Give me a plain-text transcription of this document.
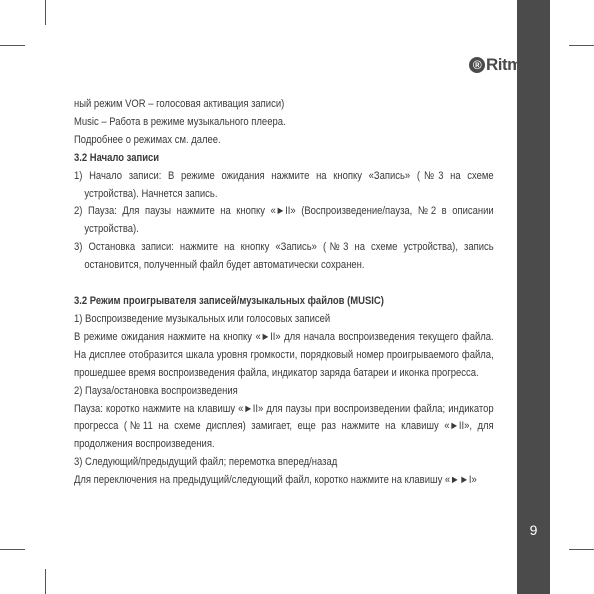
® Ritmix
9

ный режим VOR – голосовая активация записи)

Music – Работа в режиме музыкального плеера.

Подробнее о режимах см. далее.

3.2 Начало записи

1) Начало записи: В режиме ожидания нажмите на кнопку «Запись» (№3 на схеме устройства). Начнется запись.

2) Пауза: Для паузы нажмите на кнопку «►II» (Воспроизведение/пауза, №2 в описании устройства).

3) Остановка записи: нажмите на кнопку «Запись» (№3 на схеме устройства), запись остановится, полученный файл будет автоматически сохранен.

3.2 Режим проигрывателя записей/музыкальных файлов (MUSIC)

1) Воспроизведение музыкальных или голосовых записей

В режиме ожидания нажмите на кнопку «►II» для начала воспроизведения текущего файла. На дисплее отобразится шкала уровня громкости, порядковый номер проигрываемого файла, прошедшее время воспроизведения файла, индикатор заряда батареи и иконка прогресса.

2) Пауза/остановка воспроизведения

Пауза: коротко нажмите на клавишу «►II» для паузы при воспроизведении файла; индикатор прогресса (№11 на схеме дисплея) замигает, еще раз нажмите на клавишу «►II», для продолжения воспроизведения.

3) Следующий/предыдущий файл; перемотка вперед/назад

Для переключения на предыдущий/следующий файл, коротко нажмите на клавишу «►►I»
